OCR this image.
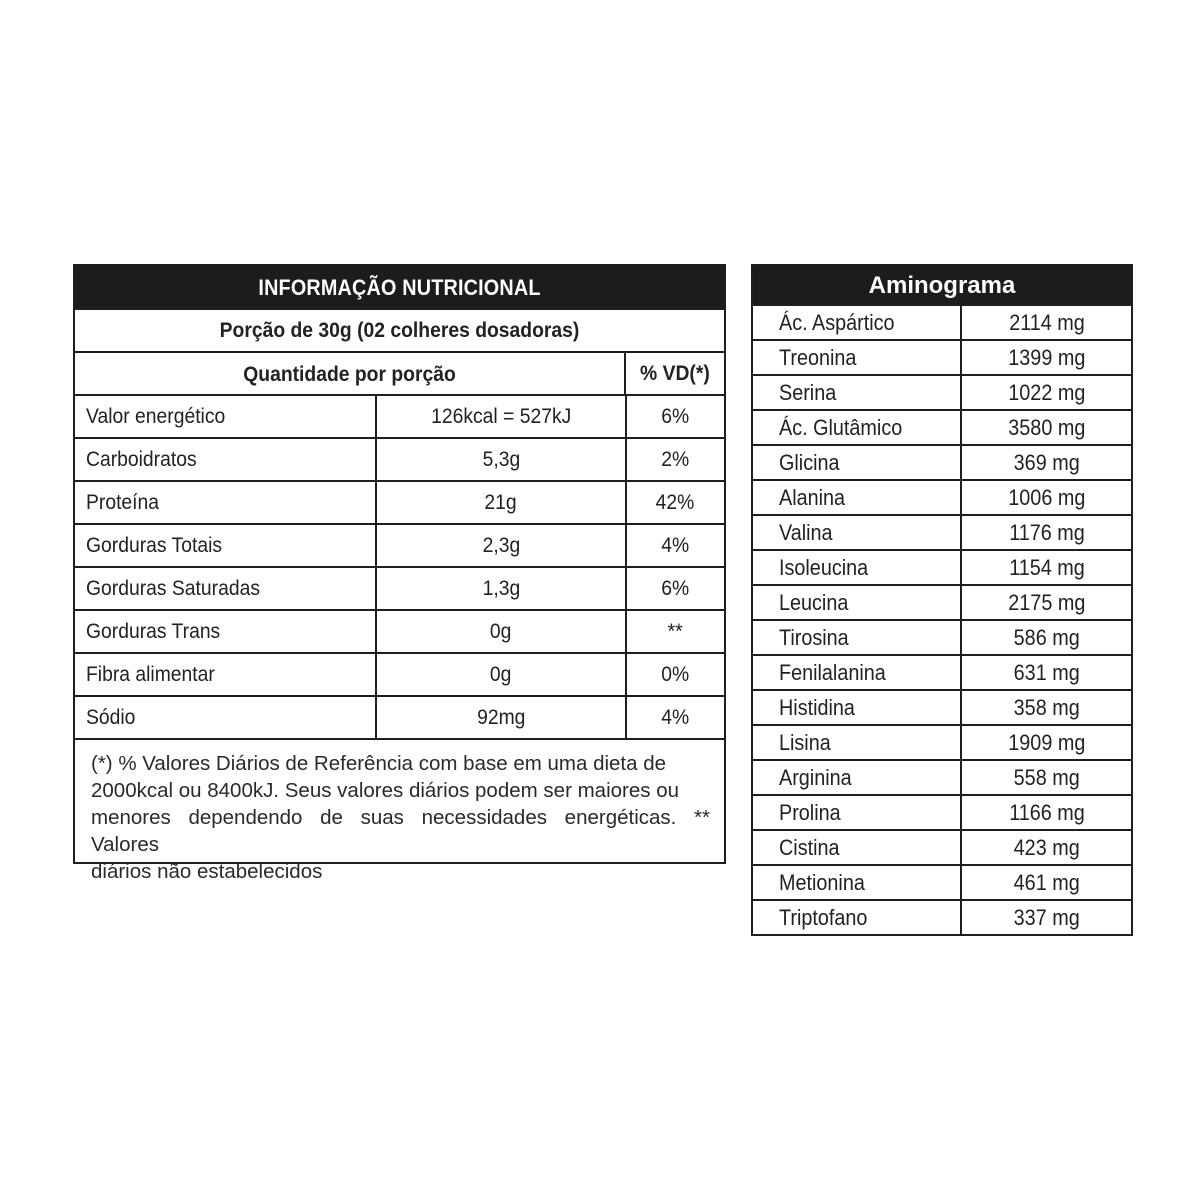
INFORMAÇÃO NUTRICIONAL
Porção de 30g (02 colheres dosadoras)
Quantidade por porção	% VD(*)
Valor energético	126kcal = 527kJ	6%
Carboidratos	5,3g	2%
Proteína	21g	42%
Gorduras Totais	2,3g	4%
Gorduras Saturadas	1,3g	6%
Gorduras Trans	0g	**
Fibra alimentar	0g	0%
Sódio	92mg	4%
(*) % Valores Diários de Referência com base em uma dieta de
2000kcal ou 8400kJ. Seus valores diários podem ser maiores ou
menores dependendo de suas necessidades energéticas. ** Valores
diários não estabelecidos
Aminograma
Ác. Aspártico	2114 mg
Treonina	1399 mg
Serina	1022 mg
Ác. Glutâmico	3580 mg
Glicina	369 mg
Alanina	1006 mg
Valina	1176 mg
Isoleucina	1154 mg
Leucina	2175 mg
Tirosina	586 mg
Fenilalanina	631 mg
Histidina	358 mg
Lisina	1909 mg
Arginina	558 mg
Prolina	1166 mg
Cistina	423 mg
Metionina	461 mg
Triptofano	337 mg
